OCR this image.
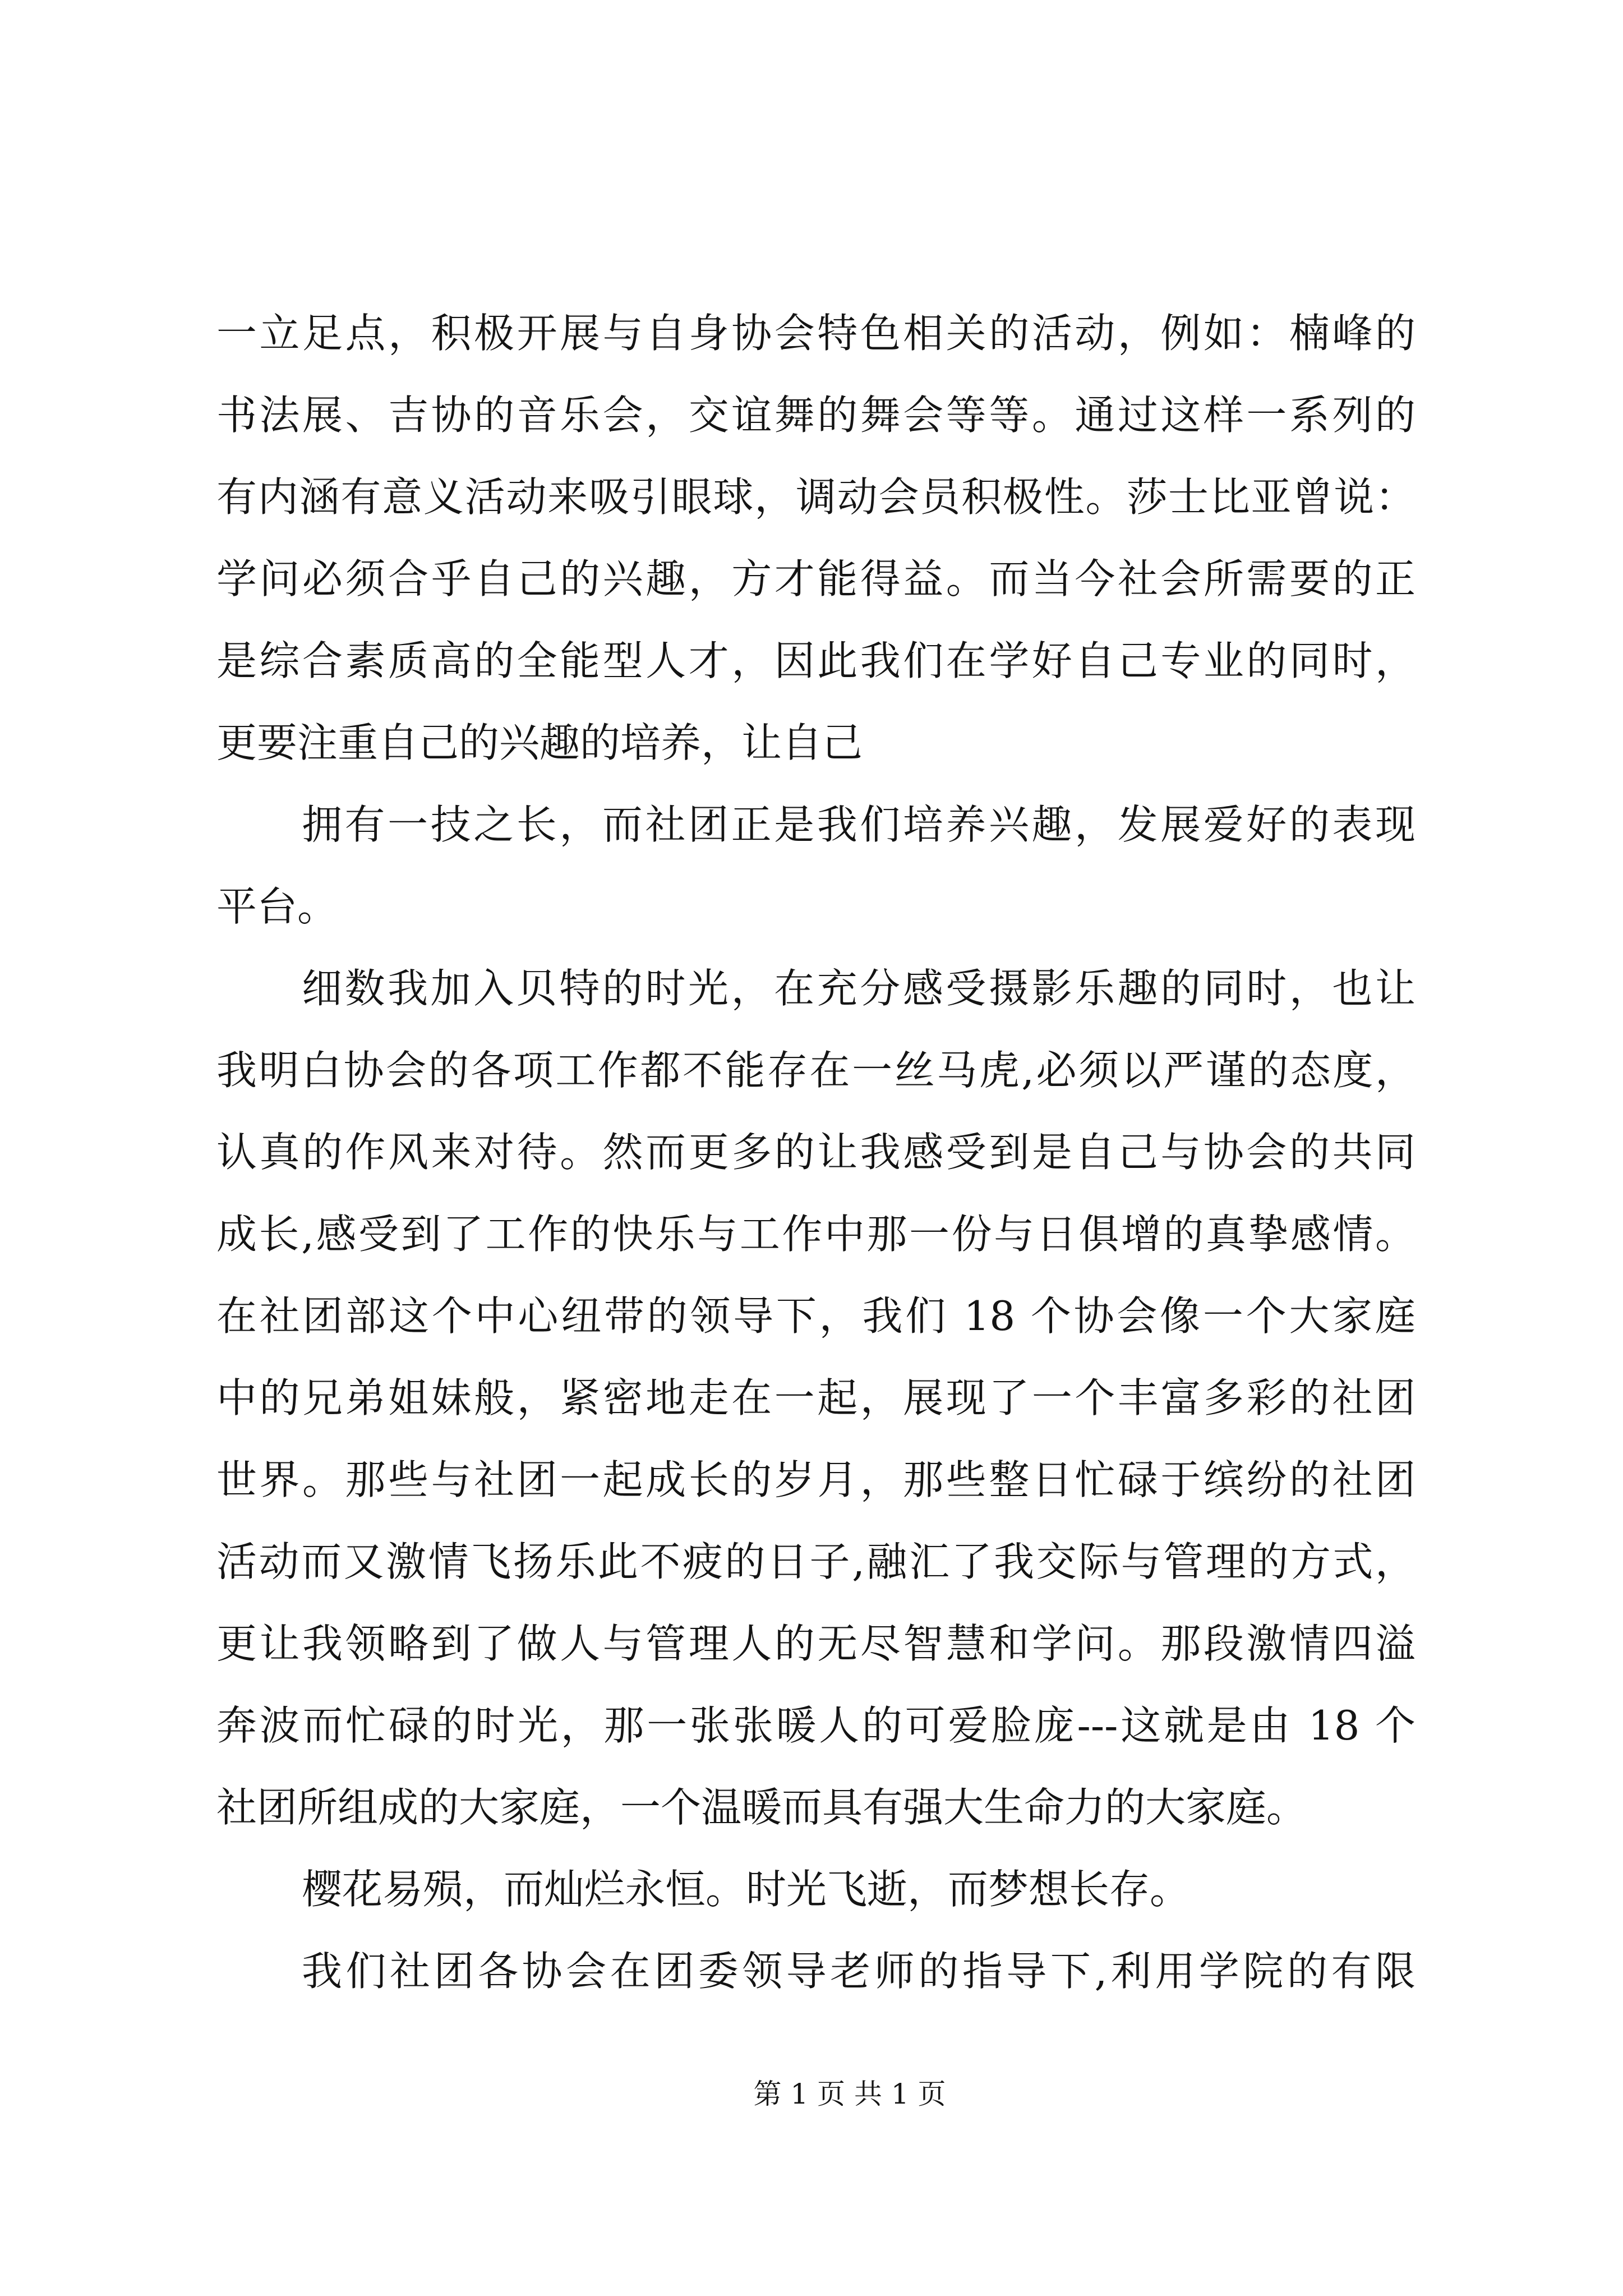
一立足点，积极开展与自身协会特色相关的活动，例如：楠峰的
书法展、吉协的音乐会，交谊舞的舞会等等。通过这样一系列的
有内涵有意义活动来吸引眼球，调动会员积极性。莎士比亚曾说：
学问必须合乎自己的兴趣，方才能得益。而当今社会所需要的正
是综合素质高的全能型人才，因此我们在学好自己专业的同时，
更要注重自己的兴趣的培养，让自己
拥有一技之长，而社团正是我们培养兴趣，发展爱好的表现
平台。
细数我加入贝特的时光，在充分感受摄影乐趣的同时，也让
我明白协会的各项工作都不能存在一丝马虎,必须以严谨的态度，
认真的作风来对待。然而更多的让我感受到是自己与协会的共同
成长,感受到了工作的快乐与工作中那一份与日俱增的真挚感情。
在社团部这个中心纽带的领导下，我们 18 个协会像一个大家庭
中的兄弟姐妹般，紧密地走在一起，展现了一个丰富多彩的社团
世界。那些与社团一起成长的岁月，那些整日忙碌于缤纷的社团
活动而又激情飞扬乐此不疲的日子,融汇了我交际与管理的方式，
更让我领略到了做人与管理人的无尽智慧和学问。那段激情四溢
奔波而忙碌的时光，那一张张暖人的可爱脸庞---这就是由 18 个
社团所组成的大家庭，一个温暖而具有强大生命力的大家庭。
樱花易殒，而灿烂永恒。时光飞逝，而梦想长存。
我们社团各协会在团委领导老师的指导下,利用学院的有限
第 1 页 共 1 页
